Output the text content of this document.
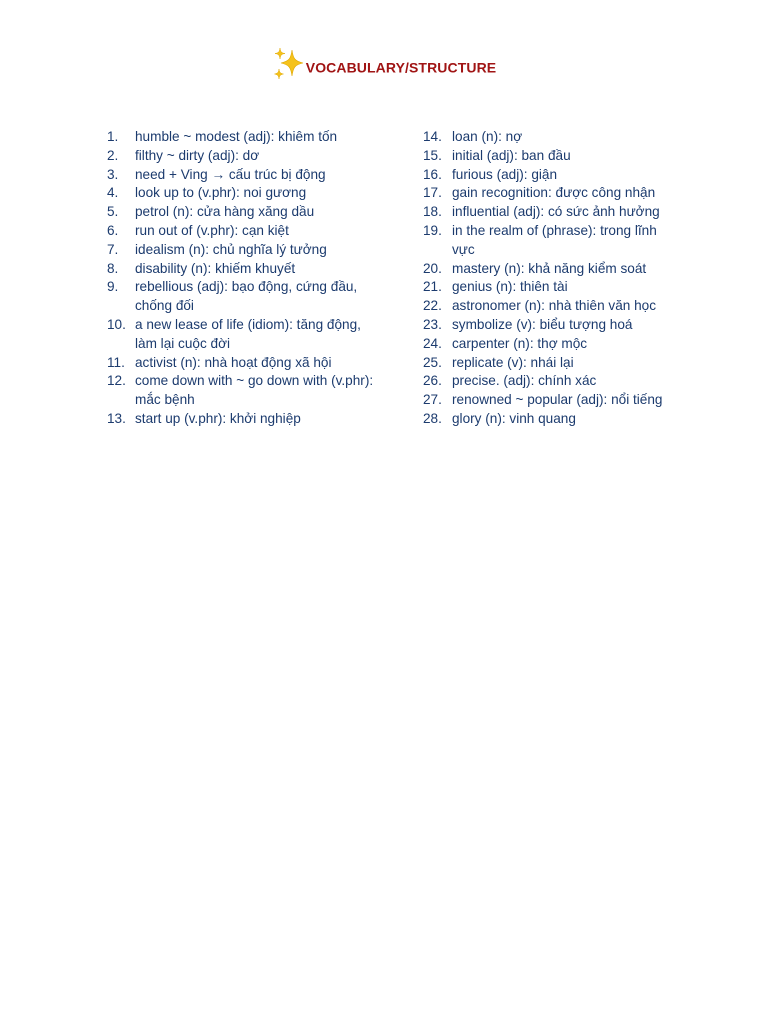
VOCABULARY/STRUCTURE
1.	humble ~ modest (adj): khiêm tốn
2.	filthy ~ dirty (adj): dơ
3.	need + Ving → cấu trúc bị động
4.	look up to (v.phr): noi gương
5.	petrol (n): cửa hàng xăng dầu
6.	run out of (v.phr): cạn kiệt
7.	idealism (n): chủ nghĩa lý tưởng
8.	disability (n): khiếm khuyết
9.	rebellious (adj): bạo động, cứng đầu, chống đối
10. a new lease of life (idiom): tăng động, làm lại cuộc đời
11. activist (n): nhà hoạt động xã hội
12. come down with ~ go down with (v.phr): mắc bệnh
13. start up (v.phr): khởi nghiệp
14. loan (n): nợ
15. initial (adj): ban đầu
16. furious (adj): giận
17. gain recognition: được công nhận
18. influential (adj): có sức ảnh hưởng
19. in the realm of (phrase): trong lĩnh vực
20. mastery (n): khả năng kiểm soát
21. genius (n): thiên tài
22. astronomer (n): nhà thiên văn học
23. symbolize (v): biểu tượng hoá
24. carpenter (n): thợ mộc
25. replicate (v): nhái lại
26. precise. (adj): chính xác
27. renowned ~ popular (adj): nổi tiếng
28. glory (n): vinh quang
